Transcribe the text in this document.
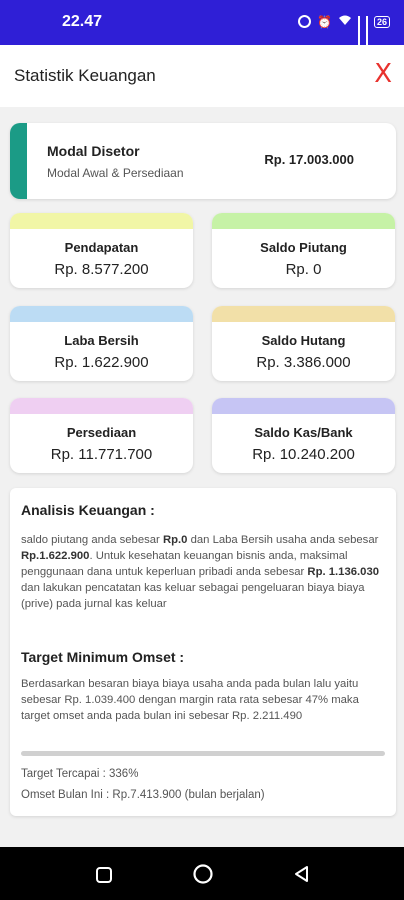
22.47	⏰	26
Statistik Keuangan	X
Modal Disetor
Modal Awal & Persediaan
Rp. 17.003.000
Pendapatan
Rp. 8.577.200
Saldo Piutang
Rp. 0
Laba Bersih
Rp. 1.622.900
Saldo Hutang
Rp. 3.386.000
Persediaan
Rp. 11.771.700
Saldo Kas/Bank
Rp. 10.240.200
Analisis Keuangan :
saldo piutang anda sebesar Rp.0 dan Laba Bersih usaha anda sebesar Rp.1.622.900. Untuk kesehatan keuangan bisnis anda, maksimal penggunaan dana untuk keperluan pribadi anda sebesar Rp. 1.136.030 dan lakukan pencatatan kas keluar sebagai pengeluaran biaya biaya (prive) pada jurnal kas keluar
Target Minimum Omset :
Berdasarkan besaran biaya biaya usaha anda pada bulan lalu yaitu sebesar Rp. 1.039.400 dengan margin rata rata sebesar 47% maka target omset anda pada bulan ini sebesar Rp. 2.211.490
Target Tercapai : 336%
Omset Bulan Ini : Rp.7.413.900 (bulan berjalan)
